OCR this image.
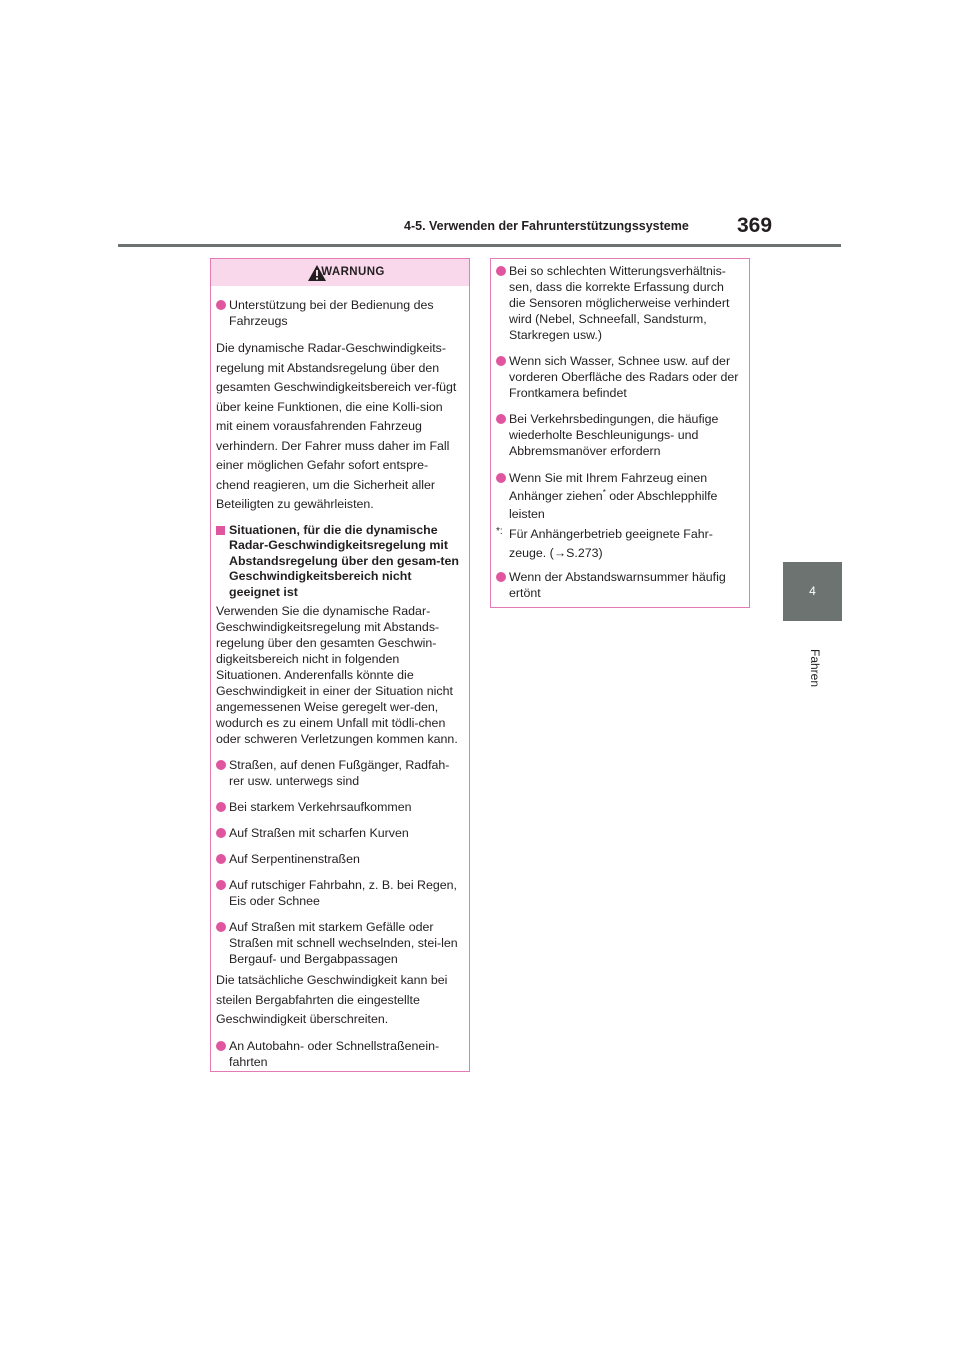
4-5. Verwenden der Fahrunterstützungssysteme 369
4
Fahren
WARNUNG
Unterstützung bei der Bedienung des Fahrzeugs
Die dynamische Radar-Geschwindigkeits-regelung mit Abstandsregelung über den gesamten Geschwindigkeitsbereich ver-fügt über keine Funktionen, die eine Kolli-sion mit einem vorausfahrenden Fahrzeug verhindern. Der Fahrer muss daher im Fall einer möglichen Gefahr sofort entspre-chend reagieren, um die Sicherheit aller Beteiligten zu gewährleisten.
Situationen, für die die dynamische Radar-Geschwindigkeitsregelung mit Abstandsregelung über den gesam-ten Geschwindigkeitsbereich nicht geeignet ist
Verwenden Sie die dynamische Radar-Geschwindigkeitsregelung mit Abstands-regelung über den gesamten Geschwin-digkeitsbereich nicht in folgenden Situationen. Anderenfalls könnte die Geschwindigkeit in einer der Situation nicht angemessenen Weise geregelt wer-den, wodurch es zu einem Unfall mit tödli-chen oder schweren Verletzungen kommen kann.
Straßen, auf denen Fußgänger, Radfah-rer usw. unterwegs sind
Bei starkem Verkehrsaufkommen
Auf Straßen mit scharfen Kurven
Auf Serpentinenstraßen
Auf rutschiger Fahrbahn, z. B. bei Regen, Eis oder Schnee
Auf Straßen mit starkem Gefälle oder Straßen mit schnell wechselnden, stei-len Bergauf- und Bergabpassagen
Die tatsächliche Geschwindigkeit kann bei steilen Bergabfahrten die eingestellte Geschwindigkeit überschreiten.
An Autobahn- oder Schnellstraßenein-fahrten
Bei so schlechten Witterungsverhältnis-sen, dass die korrekte Erfassung durch die Sensoren möglicherweise verhindert wird (Nebel, Schneefall, Sandsturm, Starkregen usw.)
Wenn sich Wasser, Schnee usw. auf der vorderen Oberfläche des Radars oder der Frontkamera befindet
Bei Verkehrsbedingungen, die häufige wiederholte Beschleunigungs- und Abbremsmanöver erfordern
Wenn Sie mit Ihrem Fahrzeug einen Anhänger ziehen* oder Abschlepphilfe leisten
*: Für Anhängerbetrieb geeignete Fahr-zeuge. (→S.273)
Wenn der Abstandswarnsummer häufig ertönt
